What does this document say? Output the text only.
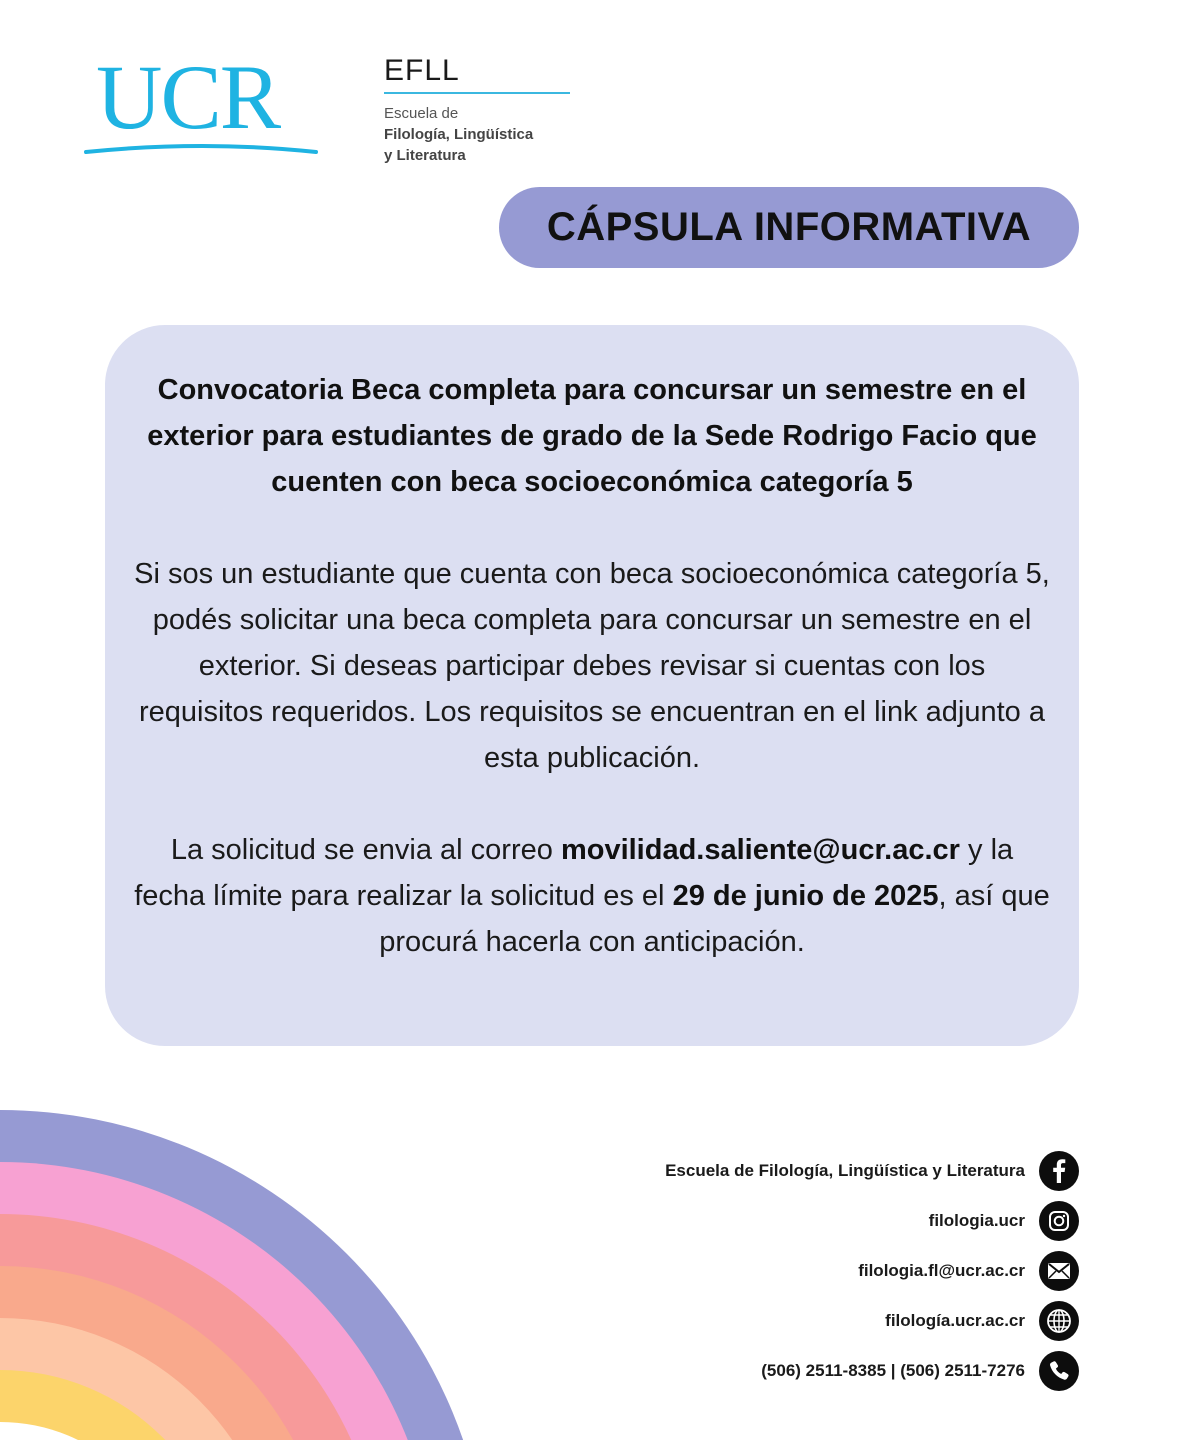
UCR	EFLL
Escuela de
Filología, Lingüística
y Literatura
CÁPSULA INFORMATIVA
Convocatoria Beca completa para concursar un semestre en el exterior para estudiantes de grado de la Sede Rodrigo Facio que cuenten con beca socioeconómica categoría 5
Si sos un estudiante que cuenta con beca socioeconómica categoría 5, podés solicitar una beca completa para concursar un semestre en el exterior. Si deseas participar debes revisar si cuentas con los requisitos requeridos. Los requisitos se encuentran en el link adjunto a esta publicación.
La solicitud se envia al correo movilidad.saliente@ucr.ac.cr y la fecha límite para realizar la solicitud es el 29 de junio de 2025, así que procurá hacerla con anticipación.
Escuela de Filología, Lingüística y Literatura
filologia.ucr
filologia.fl@ucr.ac.cr
filología.ucr.ac.cr
(506) 2511-8385 | (506) 2511-7276
